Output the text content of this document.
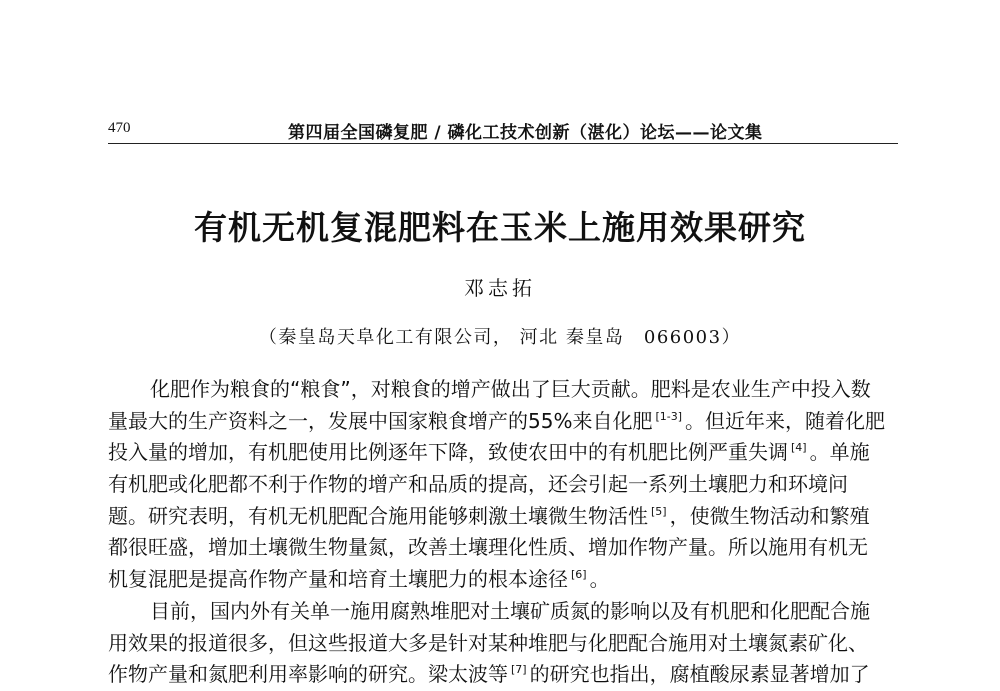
470	第四届全国磷复肥 / 磷化工技术创新（湛化）论坛——论文集
有机无机复混肥料在玉米上施用效果研究
邓志拓
（秦皇岛天阜化工有限公司， 河北 秦皇岛　066003）
化肥作为粮食的“粮食”，对粮食的增产做出了巨大贡献。肥料是农业生产中投入数
量最大的生产资料之一，发展中国家粮食增产的55%来自化肥 [1-3] 。但近年来，随着化肥
投入量的增加，有机肥使用比例逐年下降，致使农田中的有机肥比例严重失调 [4] 。单施
有机肥或化肥都不利于作物的增产和品质的提高，还会引起一系列土壤肥力和环境问
题。研究表明，有机无机肥配合施用能够刺激土壤微生物活性 [5] ，使微生物活动和繁殖
都很旺盛，增加土壤微生物量氮，改善土壤理化性质、增加作物产量。所以施用有机无
机复混肥是提高作物产量和培育土壤肥力的根本途径 [6] 。
目前，国内外有关单一施用腐熟堆肥对土壤矿质氮的影响以及有机肥和化肥配合施
用效果的报道很多，但这些报道大多是针对某种堆肥与化肥配合施用对土壤氮素矿化、
作物产量和氮肥利用率影响的研究。梁太波等 [7] 的研究也指出，腐植酸尿素显著增加了
